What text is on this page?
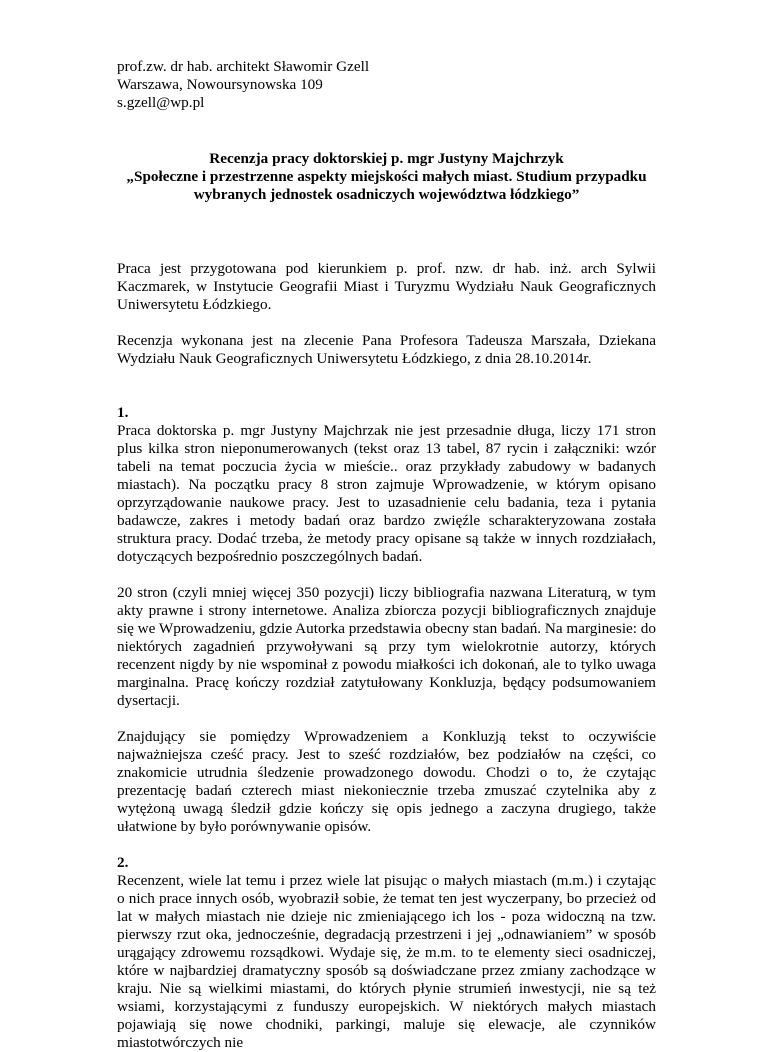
prof.zw. dr hab. architekt Sławomir Gzell

Warszawa, Nowoursynowska 109

s.gzell@wp.pl

Recenzja pracy doktorskiej p. mgr Justyny Majchrzyk

„Społeczne i przestrzenne aspekty miejskości małych miast. Studium przypadku

wybranych jednostek osadniczych województwa łódzkiego”

Praca jest przygotowana pod kierunkiem p. prof. nzw. dr hab. inż. arch Sylwii Kaczmarek, w Instytucie Geografii Miast i Turyzmu Wydziału Nauk Geograficznych Uniwersytetu Łódzkiego.

Recenzja wykonana jest na zlecenie Pana Profesora Tadeusza Marszała, Dziekana Wydziału Nauk Geograficznych Uniwersytetu Łódzkiego, z dnia 28.10.2014r.

1.

Praca doktorska p. mgr Justyny Majchrzak nie jest przesadnie długa, liczy 171 stron plus kilka stron nieponumerowanych (tekst oraz 13 tabel, 87 rycin i załączniki: wzór tabeli na temat poczucia życia w mieście.. oraz przykłady zabudowy w badanych miastach). Na początku pracy 8 stron zajmuje Wprowadzenie, w którym opisano oprzyrządowanie naukowe pracy. Jest to uzasadnienie celu badania, teza i pytania badawcze, zakres i metody badań oraz bardzo zwięźle scharakteryzowana została struktura pracy. Dodać trzeba, że metody pracy opisane są także w innych rozdziałach, dotyczących bezpośrednio poszczególnych badań.

20 stron (czyli mniej więcej 350 pozycji) liczy bibliografia nazwana Literaturą, w tym akty prawne i strony internetowe. Analiza zbiorcza pozycji bibliograficznych znajduje się we Wprowadzeniu, gdzie Autorka przedstawia obecny stan badań. Na marginesie: do niektórych zagadnień przywoływani są przy tym wielokrotnie autorzy, których recenzent nigdy by nie wspominał z powodu miałkości ich dokonań, ale to tylko uwaga marginalna. Pracę kończy rozdział zatytułowany Konkluzja, będący podsumowaniem dysertacji.

Znajdujący sie pomiędzy Wprowadzeniem a Konkluzją tekst to oczywiście najważniejsza cześć pracy. Jest to sześć rozdziałów, bez podziałów na części, co znakomicie utrudnia śledzenie prowadzonego dowodu. Chodzi o to, że czytając prezentację badań czterech miast niekoniecznie trzeba zmuszać czytelnika aby z wytężoną uwagą śledził gdzie kończy się opis jednego a zaczyna drugiego, także ułatwione by było porównywanie opisów.

2.

Recenzent, wiele lat temu i przez wiele lat pisując o małych miastach (m.m.) i czytając o nich prace innych osób, wyobraził sobie, że temat ten jest wyczerpany, bo przecież od lat w małych miastach nie dzieje nic zmieniającego ich los - poza widoczną na tzw. pierwszy rzut oka, jednocześnie, degradacją przestrzeni i jej „odnawianiem” w sposób urągający zdrowemu rozsądkowi. Wydaje się, że m.m. to te elementy sieci osadniczej, które w najbardziej dramatyczny sposób są doświadczane przez zmiany zachodzące w kraju. Nie są wielkimi miastami, do których płynie strumień inwestycji, nie są też wsiami, korzystającymi z funduszy europejskich. W niektórych małych miastach pojawiają się nowe chodniki, parkingi, maluje się elewacje, ale czynników miastotwórczych nie
